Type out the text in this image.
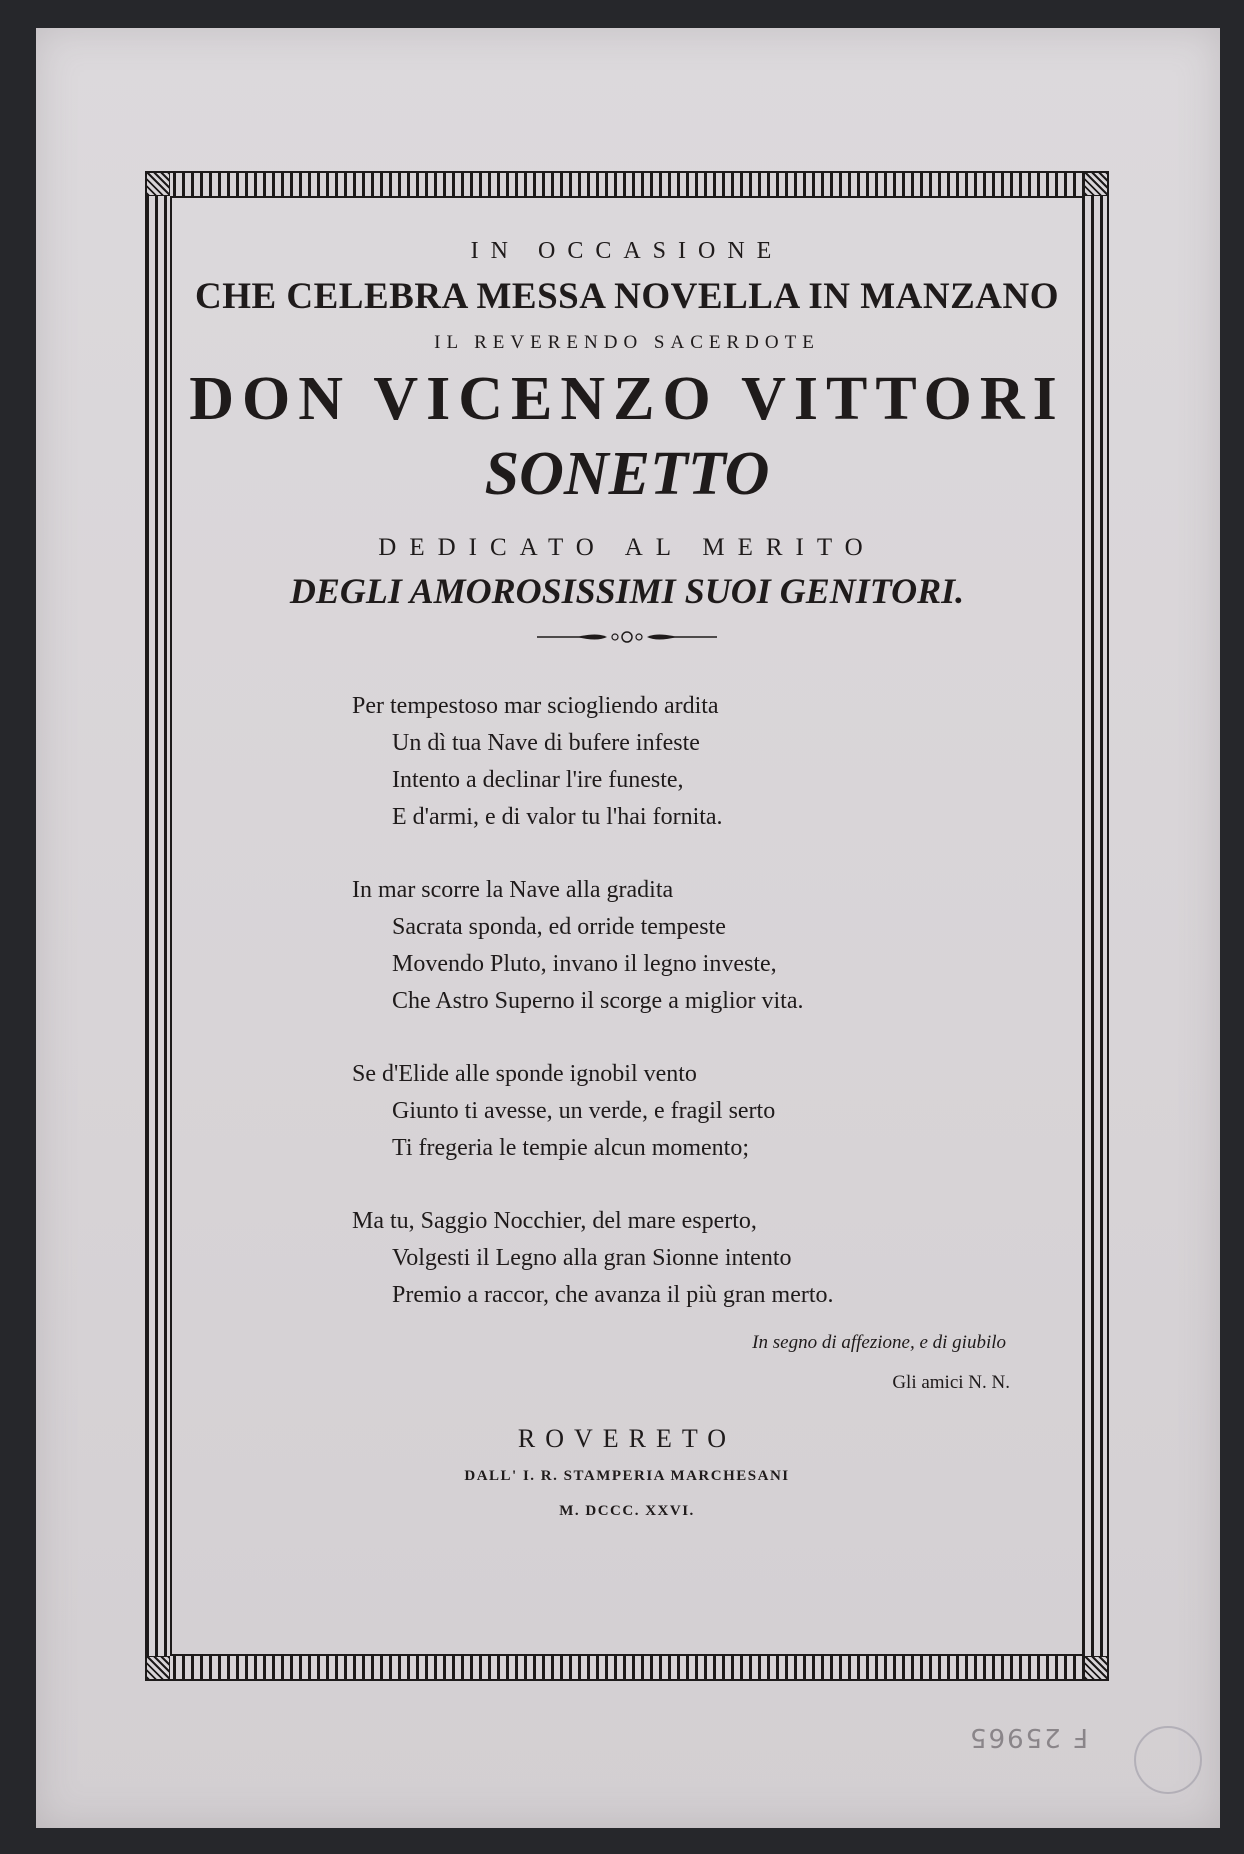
IN OCCASIONE
CHE CELEBRA MESSA NOVELLA IN MANZANO
IL REVERENDO SACERDOTE
DON VICENZO VITTORI
SONETTO
DEDICATO AL MERITO
DEGLI AMOROSISSIMI SUOI GENITORI.
Per tempestoso mar sciogliendo ardita
Un dì tua Nave di bufere infeste
Intento a declinar l'ire funeste,
E d'armi, e di valor tu l'hai fornita.
In mar scorre la Nave alla gradita
Sacrata sponda, ed orride tempeste
Movendo Pluto, invano il legno investe,
Che Astro Superno il scorge a miglior vita.
Se d'Elide alle sponde ignobil vento
Giunto ti avesse, un verde, e fragil serto
Ti fregeria le tempie alcun momento;
Ma tu, Saggio Nocchier, del mare esperto,
Volgesti il Legno alla gran Sionne intento
Premio a raccor, che avanza il più gran merto.
In segno di affezione, e di giubilo
Gli amici N. N.
ROVERETO
DALL' I. R. STAMPERIA MARCHESANI
M. DCCC. XXVI.
F 25965
